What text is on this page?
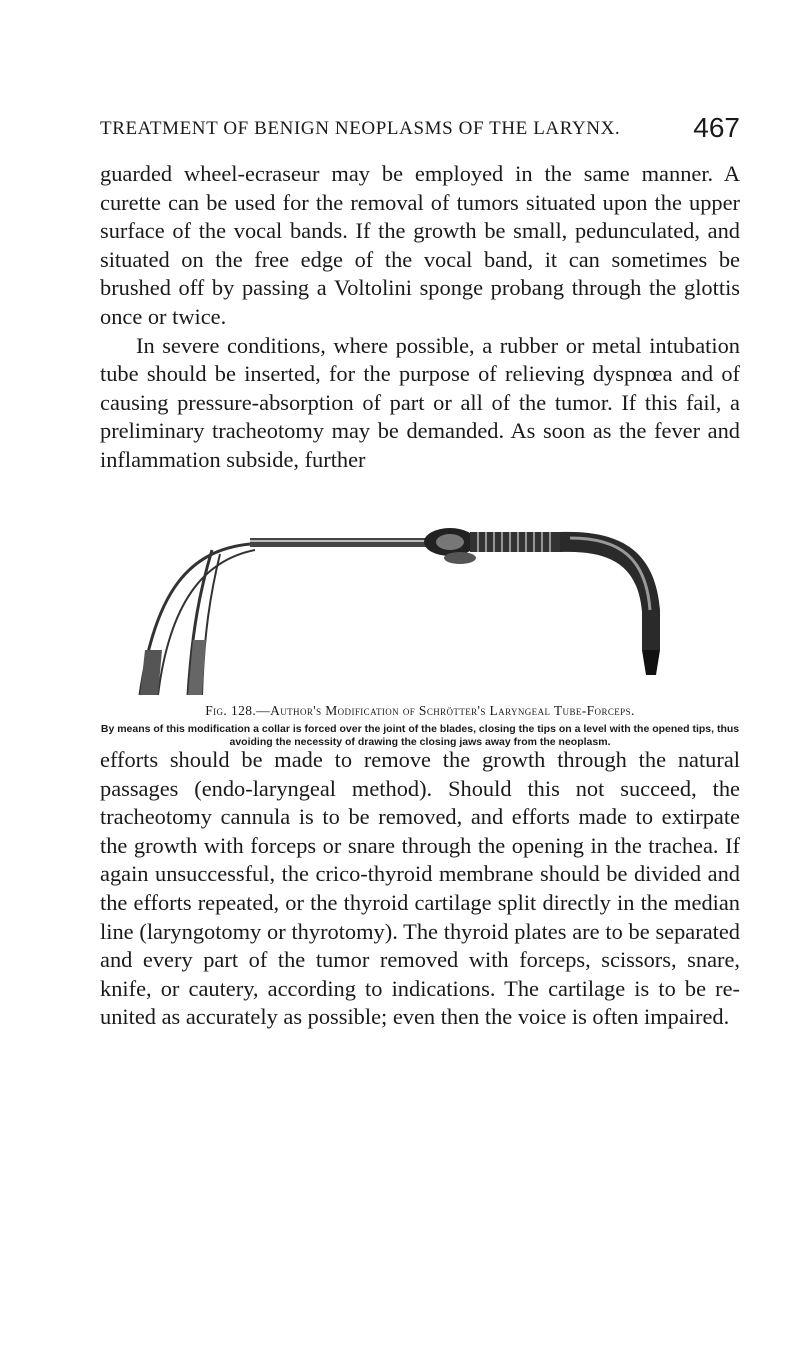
TREATMENT OF BENIGN NEOPLASMS OF THE LARYNX.	467

guarded wheel-ecraseur may be employed in the same manner. A curette can be used for the removal of tumors situated upon the upper surface of the vocal bands. If the growth be small, pedunculated, and situated on the free edge of the vocal band, it can sometimes be brushed off by passing a Voltolini sponge probang through the glottis once or twice.

In severe conditions, where possible, a rubber or metal intubation tube should be inserted, for the purpose of relieving dyspnœa and of causing pressure-absorption of part or all of the tumor. If this fail, a preliminary tracheotomy may be demanded. As soon as the fever and inflammation subside, further

Fig. 128.—Author's Modification of Schrötter's Laryngeal Tube-Forceps.

By means of this modification a collar is forced over the joint of the blades, closing the tips on a level with the opened tips, thus avoiding the necessity of drawing the closing jaws away from the neoplasm.

efforts should be made to remove the growth through the natural passages (endo-laryngeal method). Should this not succeed, the tracheotomy cannula is to be removed, and efforts made to extirpate the growth with forceps or snare through the opening in the trachea. If again unsuccessful, the crico-thyroid membrane should be divided and the efforts repeated, or the thyroid cartilage split directly in the median line (laryngotomy or thyrotomy). The thyroid plates are to be separated and every part of the tumor removed with forceps, scissors, snare, knife, or cautery, according to indications. The cartilage is to be re-united as accurately as possible; even then the voice is often impaired.
